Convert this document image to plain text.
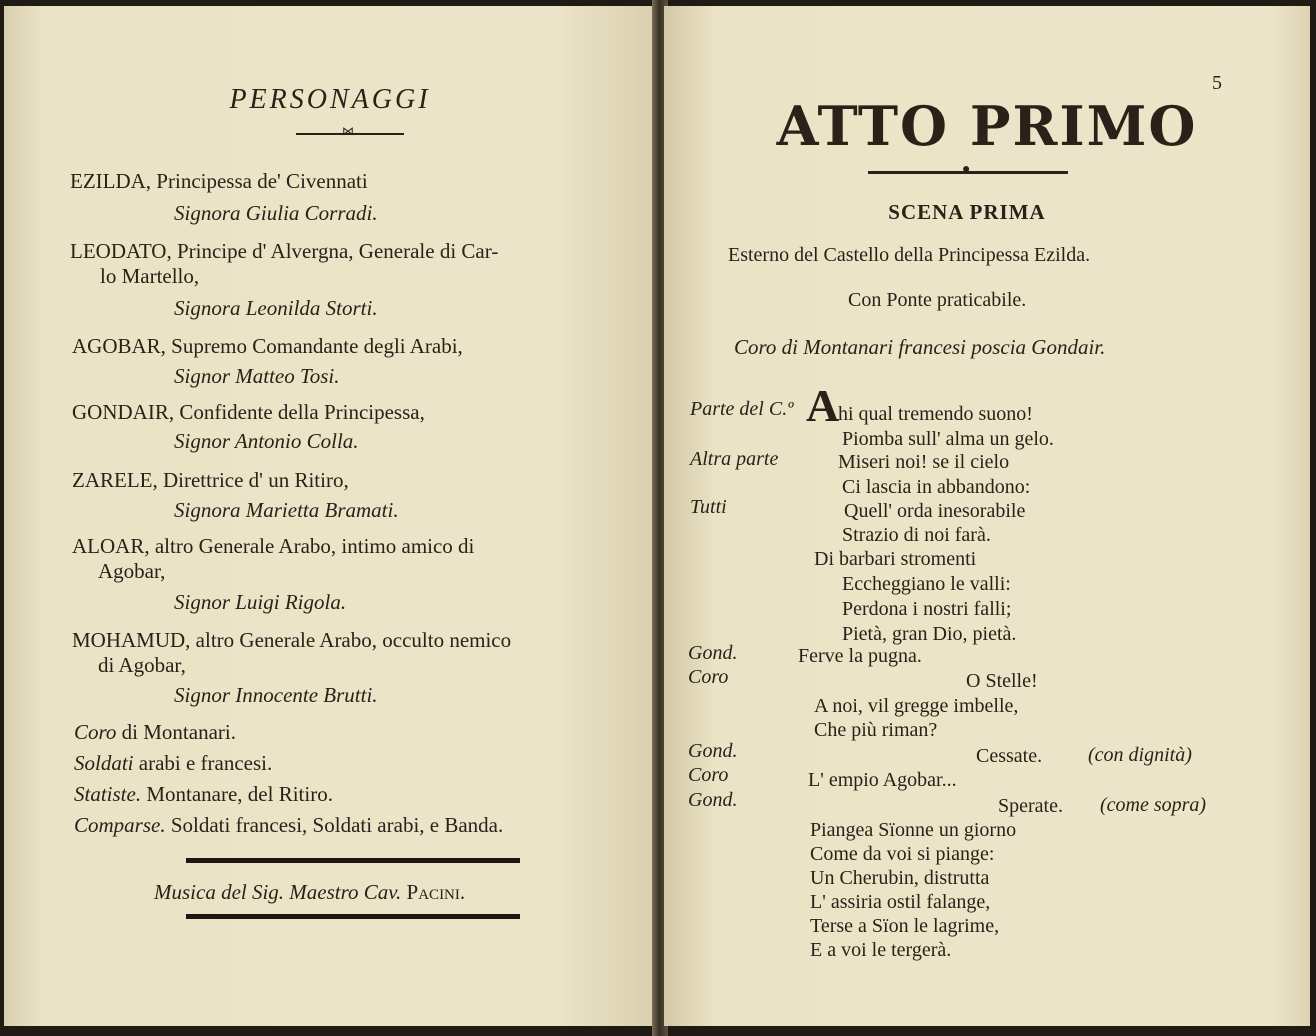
PERSONAGGI
⋈
EZILDA, Principessa de' Civennati
Signora Giulia Corradi.
LEODATO, Principe d' Alvergna, Generale di Car-
lo Martello,
Signora Leonilda Storti.
AGOBAR, Supremo Comandante degli Arabi,
Signor Matteo Tosi.
GONDAIR, Confidente della Principessa,
Signor Antonio Colla.
ZARELE, Direttrice d' un Ritiro,
Signora Marietta Bramati.
ALOAR, altro Generale Arabo, intimo amico di
Agobar,
Signor Luigi Rigola.
MOHAMUD, altro Generale Arabo, occulto nemico
di Agobar,
Signor Innocente Brutti.
Coro di Montanari.
Soldati arabi e francesi.
Statiste. Montanare, del Ritiro.
Comparse. Soldati francesi, Soldati arabi, e Banda.
Musica del Sig. Maestro Cav. Pacini.
5
ATTO PRIMO
●
SCENA PRIMA
Esterno del Castello della Principessa Ezilda.
Con Ponte praticabile.
Coro di Montanari francesi poscia Gondair.
Parte del C.º A
hi qual tremendo suono!
Piomba sull' alma un gelo.
Altra parte	Miseri noi! se il cielo
Ci lascia in abbandono:
Tutti	Quell' orda inesorabile
Strazio di noi farà.
Di barbari stromenti
Eccheggiano le valli:
Perdona i nostri falli;
Pietà, gran Dio, pietà.
Gond.	Ferve la pugna.
Coro	O Stelle!
A noi, vil gregge imbelle,
Che più riman?
Gond.	Cessate. (con dignità)
Coro	L' empio Agobar...
Gond.	Sperate. (come sopra)
Piangea Sïonne un giorno
Come da voi si piange:
Un Cherubin, distrutta
L' assiria ostil falange,
Terse a Sïon le lagrime,
E a voi le tergerà.
